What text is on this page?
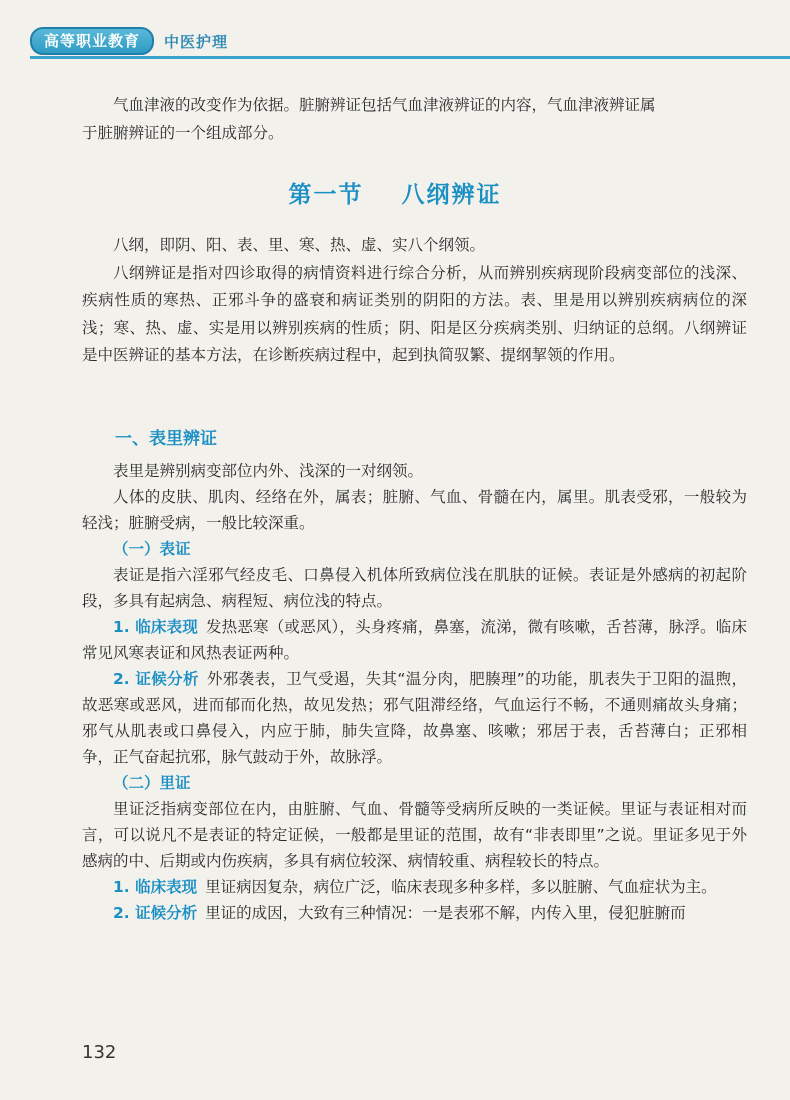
高等职业教育	中医护理

气血津液的改变作为依据。脏腑辨证包括气血津液辨证的内容，气血津液辨证属

于脏腑辨证的一个组成部分。

第一节 八纲辨证

八纲，即阴、阳、表、里、寒、热、虚、实八个纲领。

八纲辨证是指对四诊取得的病情资料进行综合分析，从而辨别疾病现阶段病变部位的浅深、疾病性质的寒热、正邪斗争的盛衰和病证类别的阴阳的方法。表、里是用以辨别疾病病位的深浅；寒、热、虚、实是用以辨别疾病的性质；阴、阳是区分疾病类别、归纳证的总纲。八纲辨证是中医辨证的基本方法，在诊断疾病过程中，起到执简驭繁、提纲挈领的作用。

一、表里辨证

表里是辨别病变部位内外、浅深的一对纲领。

人体的皮肤、肌肉、经络在外，属表；脏腑、气血、骨髓在内，属里。肌表受邪，一般较为轻浅；脏腑受病，一般比较深重。

（一）表证

表证是指六淫邪气经皮毛、口鼻侵入机体所致病位浅在肌肤的证候。表证是外感病的初起阶段，多具有起病急、病程短、病位浅的特点。

1. 临床表现 发热恶寒（或恶风），头身疼痛，鼻塞，流涕，微有咳嗽，舌苔薄，脉浮。临床常见风寒表证和风热表证两种。

2. 证候分析 外邪袭表，卫气受遏，失其“温分肉，肥腠理”的功能，肌表失于卫阳的温煦，故恶寒或恶风，进而郁而化热，故见发热；邪气阻滞经络，气血运行不畅，不通则痛故头身痛；邪气从肌表或口鼻侵入，内应于肺，肺失宣降，故鼻塞、咳嗽；邪居于表，舌苔薄白；正邪相争，正气奋起抗邪，脉气鼓动于外，故脉浮。

（二）里证

里证泛指病变部位在内，由脏腑、气血、骨髓等受病所反映的一类证候。里证与表证相对而言，可以说凡不是表证的特定证候，一般都是里证的范围，故有“非表即里”之说。里证多见于外感病的中、后期或内伤疾病，多具有病位较深、病情较重、病程较长的特点。

1. 临床表现 里证病因复杂，病位广泛，临床表现多种多样，多以脏腑、气血症状为主。

2. 证候分析 里证的成因，大致有三种情况：一是表邪不解，内传入里，侵犯脏腑而

132
